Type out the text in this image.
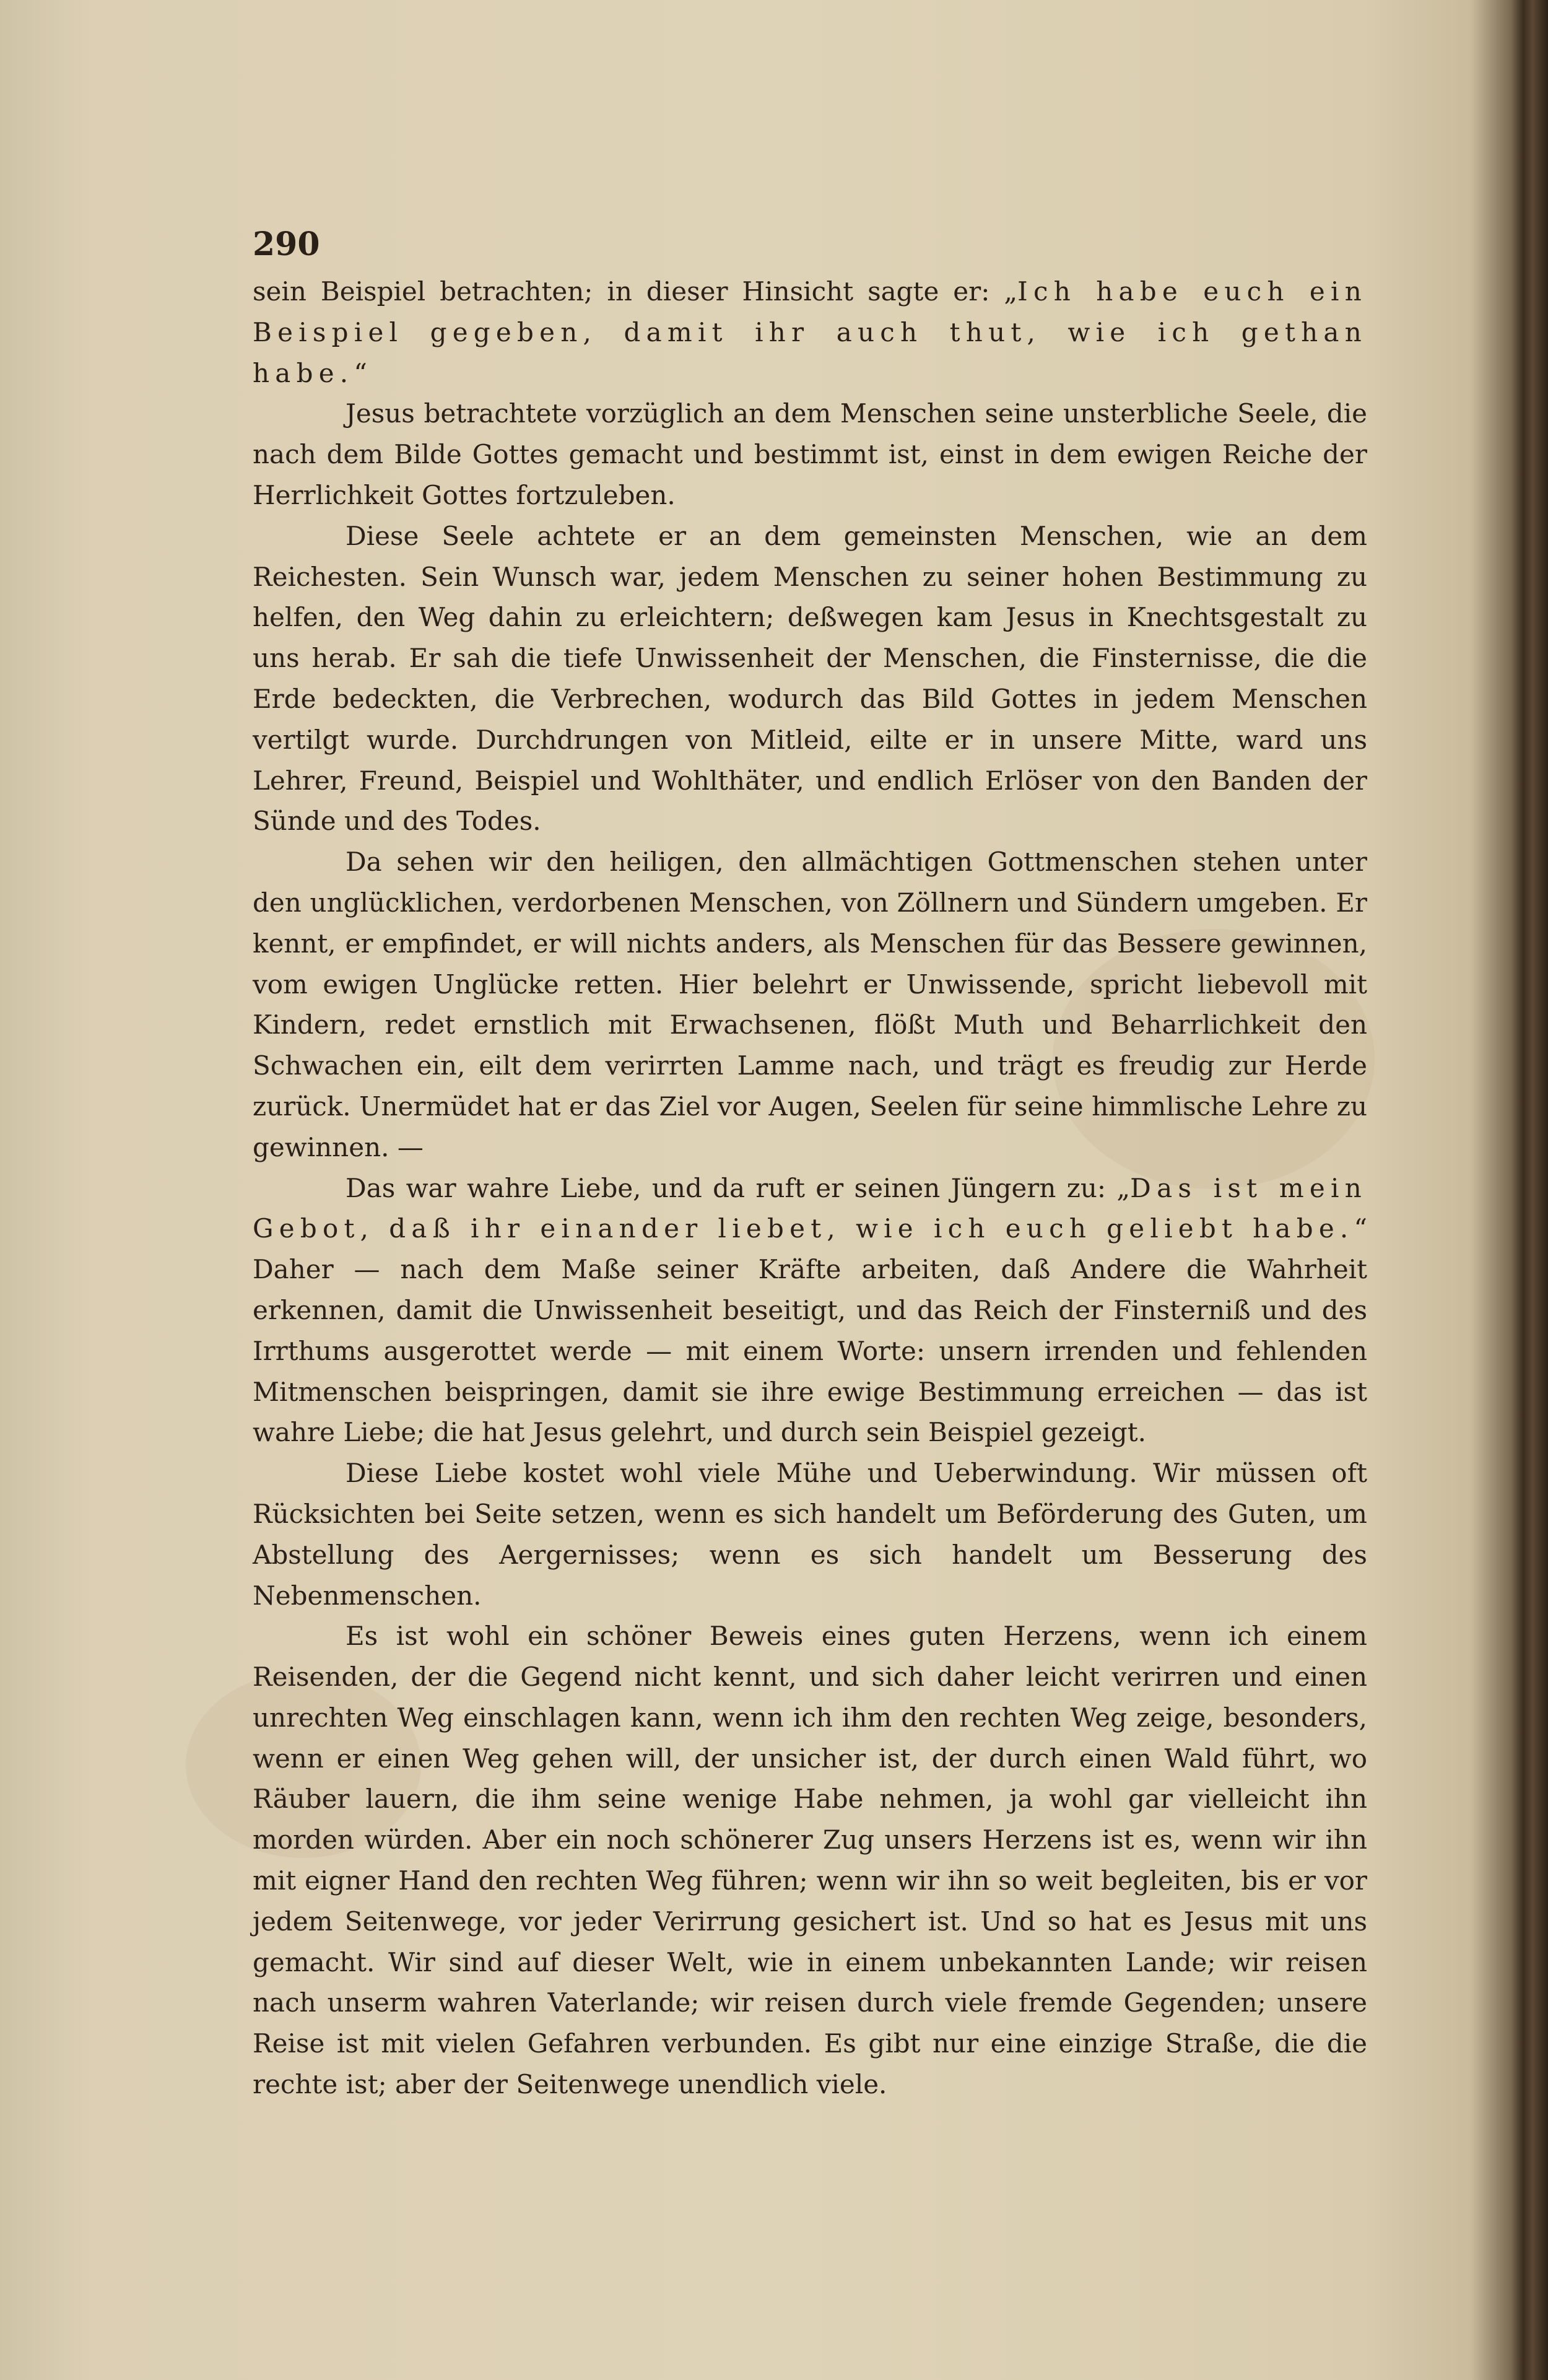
290

sein Beispiel betrachten; in dieser Hinsicht sagte er: „Ich habe euch ein Beispiel gegeben, damit ihr auch thut, wie ich gethan habe.“

Jesus betrachtete vorzüglich an dem Menschen seine unsterbliche Seele, die nach dem Bilde Gottes gemacht und bestimmt ist, einst in dem ewigen Reiche der Herrlichkeit Gottes fortzuleben.

Diese Seele achtete er an dem gemeinsten Menschen, wie an dem Reichesten. Sein Wunsch war, jedem Menschen zu seiner hohen Bestimmung zu helfen, den Weg dahin zu erleichtern; deßwegen kam Jesus in Knechtsgestalt zu uns herab. Er sah die tiefe Unwissenheit der Menschen, die Finsternisse, die die Erde bedeckten, die Verbrechen, wodurch das Bild Gottes in jedem Menschen vertilgt wurde. Durchdrungen von Mitleid, eilte er in unsere Mitte, ward uns Lehrer, Freund, Beispiel und Wohlthäter, und endlich Erlöser von den Banden der Sünde und des Todes.

Da sehen wir den heiligen, den allmächtigen Gottmenschen stehen unter den unglücklichen, verdorbenen Menschen, von Zöllnern und Sündern umgeben. Er kennt, er empfindet, er will nichts anders, als Menschen für das Bessere gewinnen, vom ewigen Unglücke retten. Hier belehrt er Unwissende, spricht liebevoll mit Kindern, redet ernstlich mit Erwachsenen, flößt Muth und Beharrlichkeit den Schwachen ein, eilt dem verirrten Lamme nach, und trägt es freudig zur Herde zurück. Unermüdet hat er das Ziel vor Augen, Seelen für seine himmlische Lehre zu gewinnen. —

Das war wahre Liebe, und da ruft er seinen Jüngern zu: „Das ist mein Gebot, daß ihr einander liebet, wie ich euch geliebt habe.“ Daher — nach dem Maße seiner Kräfte arbeiten, daß Andere die Wahrheit erkennen, damit die Unwissenheit beseitigt, und das Reich der Finsterniß und des Irrthums ausgerottet werde — mit einem Worte: unsern irrenden und fehlenden Mitmenschen beispringen, damit sie ihre ewige Bestimmung erreichen — das ist wahre Liebe; die hat Jesus gelehrt, und durch sein Beispiel gezeigt.

Diese Liebe kostet wohl viele Mühe und Ueberwindung. Wir müssen oft Rücksichten bei Seite setzen, wenn es sich handelt um Beförderung des Guten, um Abstellung des Aergernisses; wenn es sich handelt um Besserung des Nebenmenschen.

Es ist wohl ein schöner Beweis eines guten Herzens, wenn ich einem Reisenden, der die Gegend nicht kennt, und sich daher leicht verirren und einen unrechten Weg einschlagen kann, wenn ich ihm den rechten Weg zeige, besonders, wenn er einen Weg gehen will, der unsicher ist, der durch einen Wald führt, wo Räuber lauern, die ihm seine wenige Habe nehmen, ja wohl gar vielleicht ihn morden würden. Aber ein noch schönerer Zug unsers Herzens ist es, wenn wir ihn mit eigner Hand den rechten Weg führen; wenn wir ihn so weit begleiten, bis er vor jedem Seitenwege, vor jeder Verirrung gesichert ist. Und so hat es Jesus mit uns gemacht. Wir sind auf dieser Welt, wie in einem unbekannten Lande; wir reisen nach unserm wahren Vaterlande; wir reisen durch viele fremde Gegenden; unsere Reise ist mit vielen Gefahren verbunden. Es gibt nur eine einzige Straße, die die rechte ist; aber der Seitenwege unendlich viele.
